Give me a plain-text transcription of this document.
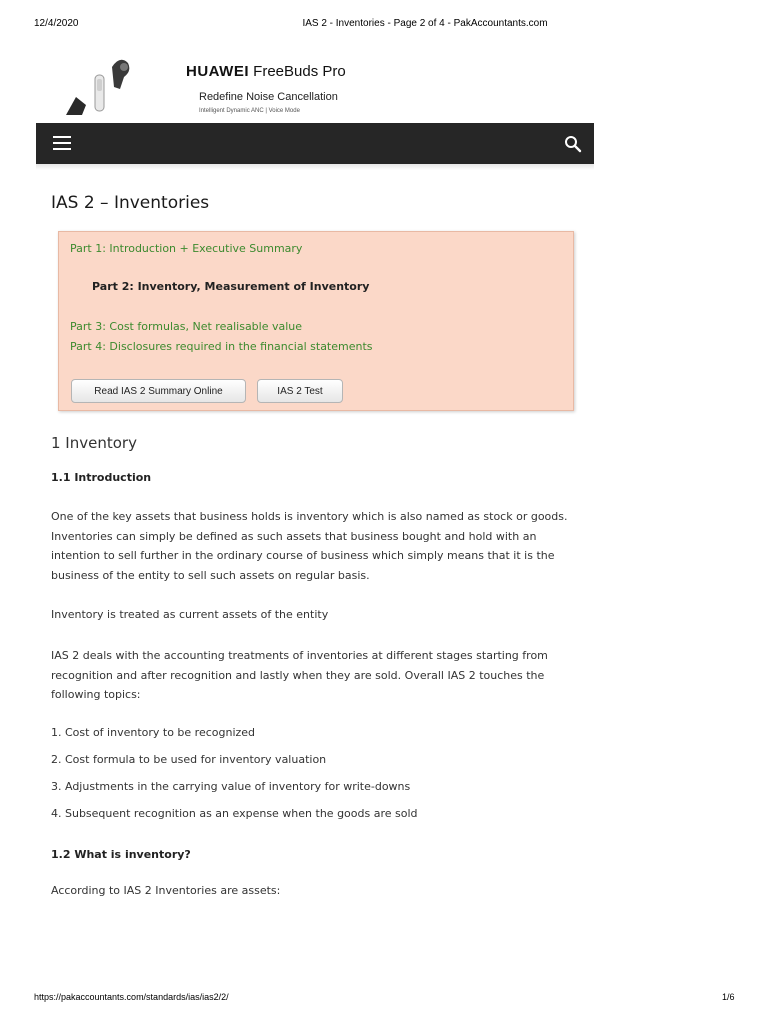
12/4/2020	IAS 2 - Inventories - Page 2 of 4 - PakAccountants.com
HUAWEI FreeBuds Pro
Redefine Noise Cancellation
Intelligent Dynamic ANC | Voice Mode
IAS 2 – Inventories
Part 1: Introduction + Executive Summary
Part 2: Inventory, Measurement of Inventory
Part 3: Cost formulas, Net realisable value
Part 4: Disclosures required in the financial statements
Read IAS 2 Summary Online	IAS 2 Test
1 Inventory
1.1 Introduction

One of the key assets that business holds is inventory which is also named as stock or goods. Inventories can simply be defined as such assets that business bought and hold with an intention to sell further in the ordinary course of business which simply means that it is the business of the entity to sell such assets on regular basis.

Inventory is treated as current assets of the entity

IAS 2 deals with the accounting treatments of inventories at different stages starting from recognition and after recognition and lastly when they are sold. Overall IAS 2 touches the following topics:

1. Cost of inventory to be recognized
2. Cost formula to be used for inventory valuation
3. Adjustments in the carrying value of inventory for write-downs
4. Subsequent recognition as an expense when the goods are sold
1.2 What is inventory?

According to IAS 2 Inventories are assets:

https://pakaccountants.com/standards/ias/ias2/2/	1/6
